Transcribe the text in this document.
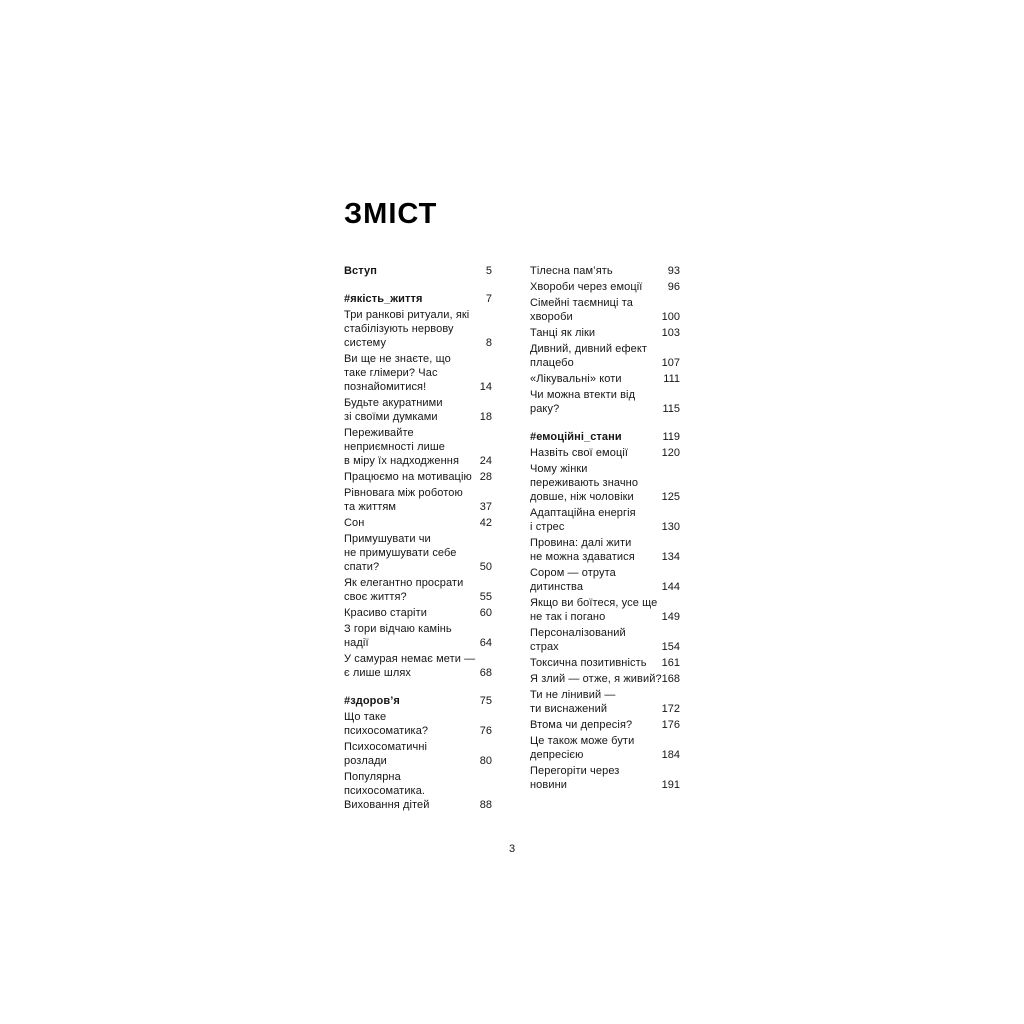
ЗМІСТ
Вступ	5
#якість_життя	7
Три ранкові ритуали, які
стабілізують нервову
систему	8
Ви ще не знаєте, що
таке глімери? Час
познайомитися!	14
Будьте акуратними
зі своїми думками	18
Переживайте
неприємності лише
в міру їх надходження	24
Працюємо на мотивацію 28
Рівновага між роботою
та життям	37
Сон	42
Примушувати чи
не примушувати себе
спати?	50
Як елегантно просрати
своє життя?	55
Красиво старіти	60
З гори відчаю камінь
надії	64
У самурая немає мети —
є лише шлях	68
#здоров’я	75
Що таке
психосоматика?	76
Психосоматичні
розлади	80
Популярна
психосоматика.
Виховання дітей	88
Тілесна пам’ять	93
Хвороби через емоції	96
Сімейні таємниці та
хвороби	100
Танці як ліки	103
Дивний, дивний ефект
плацебо	107
«Лікувальні» коти	111
Чи можна втекти від
раку?	115
#емоційні_стани	119
Назвіть свої емоції	120
Чому жінки
переживають значно
довше, ніж чоловіки	125
Адаптаційна енергія
і стрес	130
Провина: далі жити
не можна здаватися	134
Сором — отрута
дитинства	144
Якщо ви боїтеся, усе ще
не так і погано	149
Персоналізований
страх	154
Токсична позитивність	161
Я злий — отже, я живий? 168
Ти не лінивий —
ти виснажений	172
Втома чи депресія?	176
Це також може бути
депресією	184
Перегоріти через
новини	191
3
